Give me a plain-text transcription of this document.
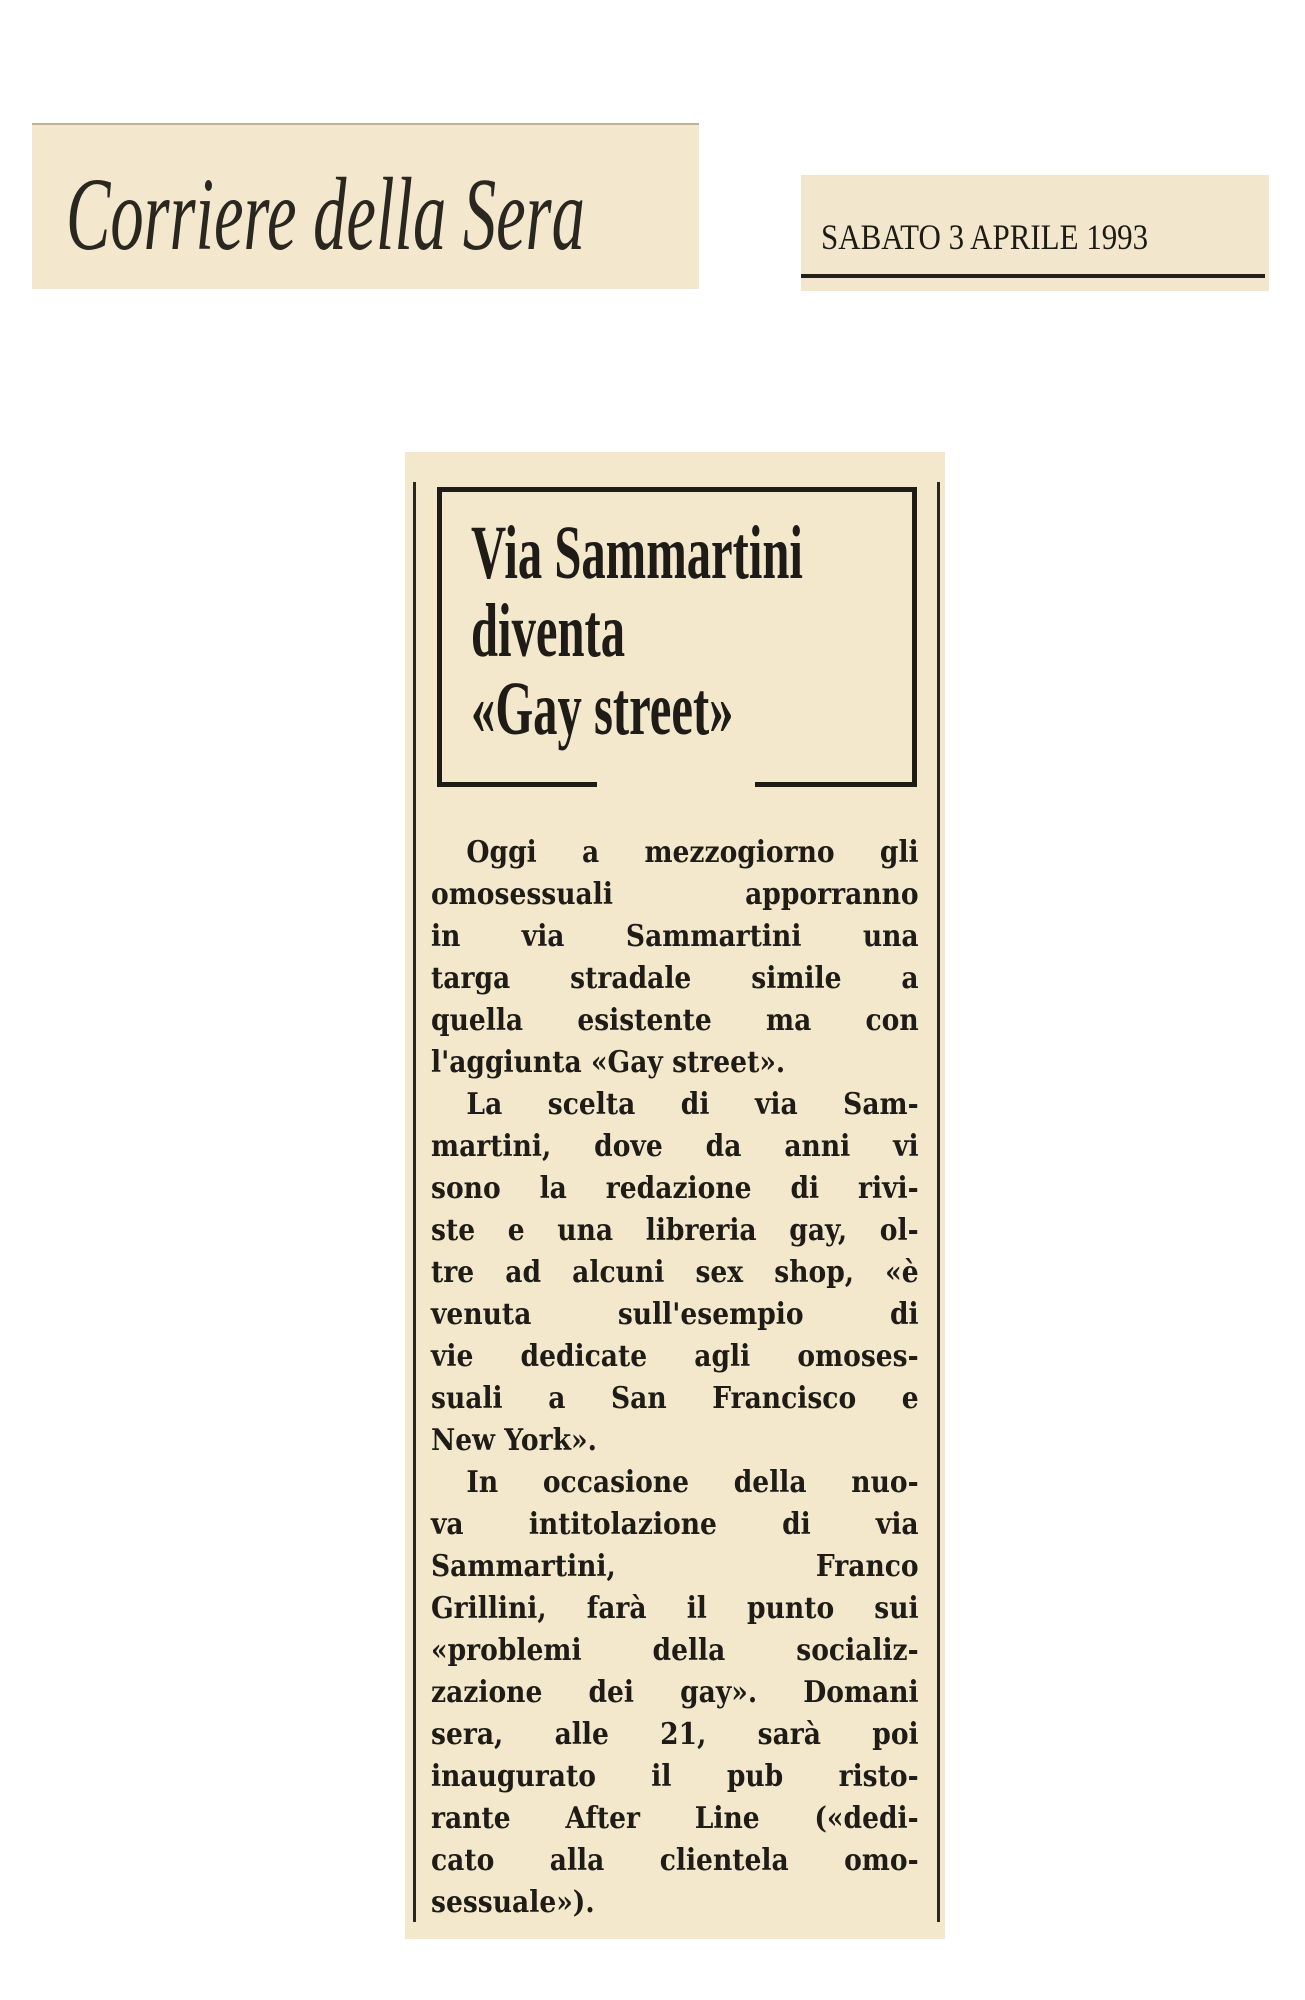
Corriere della Sera	SABATO 3 APRILE 1993
Via Sammartini
diventa
«Gay street»
Oggi a mezzogiorno gli
omosessuali apporranno
in via Sammartini una
targa stradale simile a
quella esistente ma con
l'aggiunta «Gay street».
La scelta di via Sam-
martini, dove da anni vi
sono la redazione di rivi-
ste e una libreria gay, ol-
tre ad alcuni sex shop, «è
venuta sull'esempio di
vie dedicate agli omoses-
suali a San Francisco e
New York».
In occasione della nuo-
va intitolazione di via
Sammartini, Franco
Grillini, farà il punto sui
«problemi della socializ-
zazione dei gay». Domani
sera, alle 21, sarà poi
inaugurato il pub risto-
rante After Line («dedi-
cato alla clientela omo-
sessuale»).
